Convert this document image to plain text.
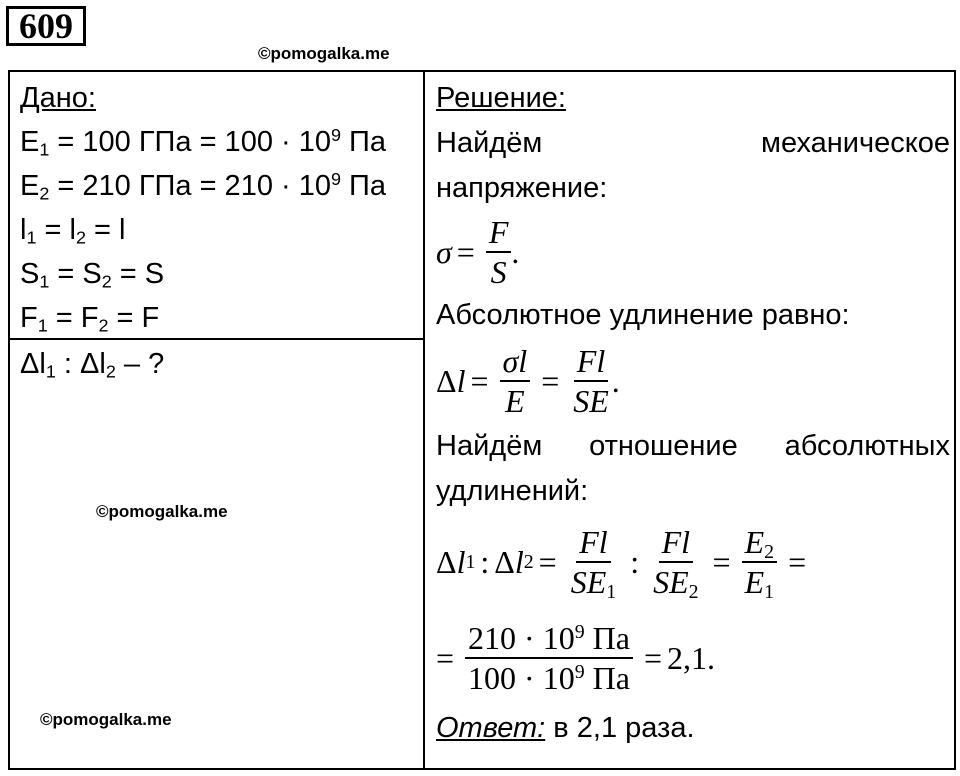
609
©pomogalka.me
Дано:
$E_1 = 100$ ГПа = $100 \cdot 10^9$ Па
$E_2 = 210$ ГПа = $210 \cdot 10^9$ Па
$l_1 = l_2 = l$
$S_1 = S_2 = S$
$F_1 = F_2 = F$
$\Delta l_1$ : $\Delta l_2$ – ?
©pomogalka.me
©pomogalka.me
Решение:
Найдём	механическое
напряжение:
$\sigma = \frac{F}{S}$ .
Абсолютное удлинение равно:
Δ $l = \frac{\sigma l}{E} = \frac{Fl}{SE}$ .
Найдём отношение абсолютных
удлинений:
Δ l 1 : Δ l $2 = \frac{Fl}{SE_1}$ : $\frac{Fl}{SE_2} = \frac{E_2}{E_1}$ =
= $\frac{210 \cdot 10^9 Па}{100 \cdot 10^9 Па} = 2,1$.
Ответ: в 2,1 раза.
